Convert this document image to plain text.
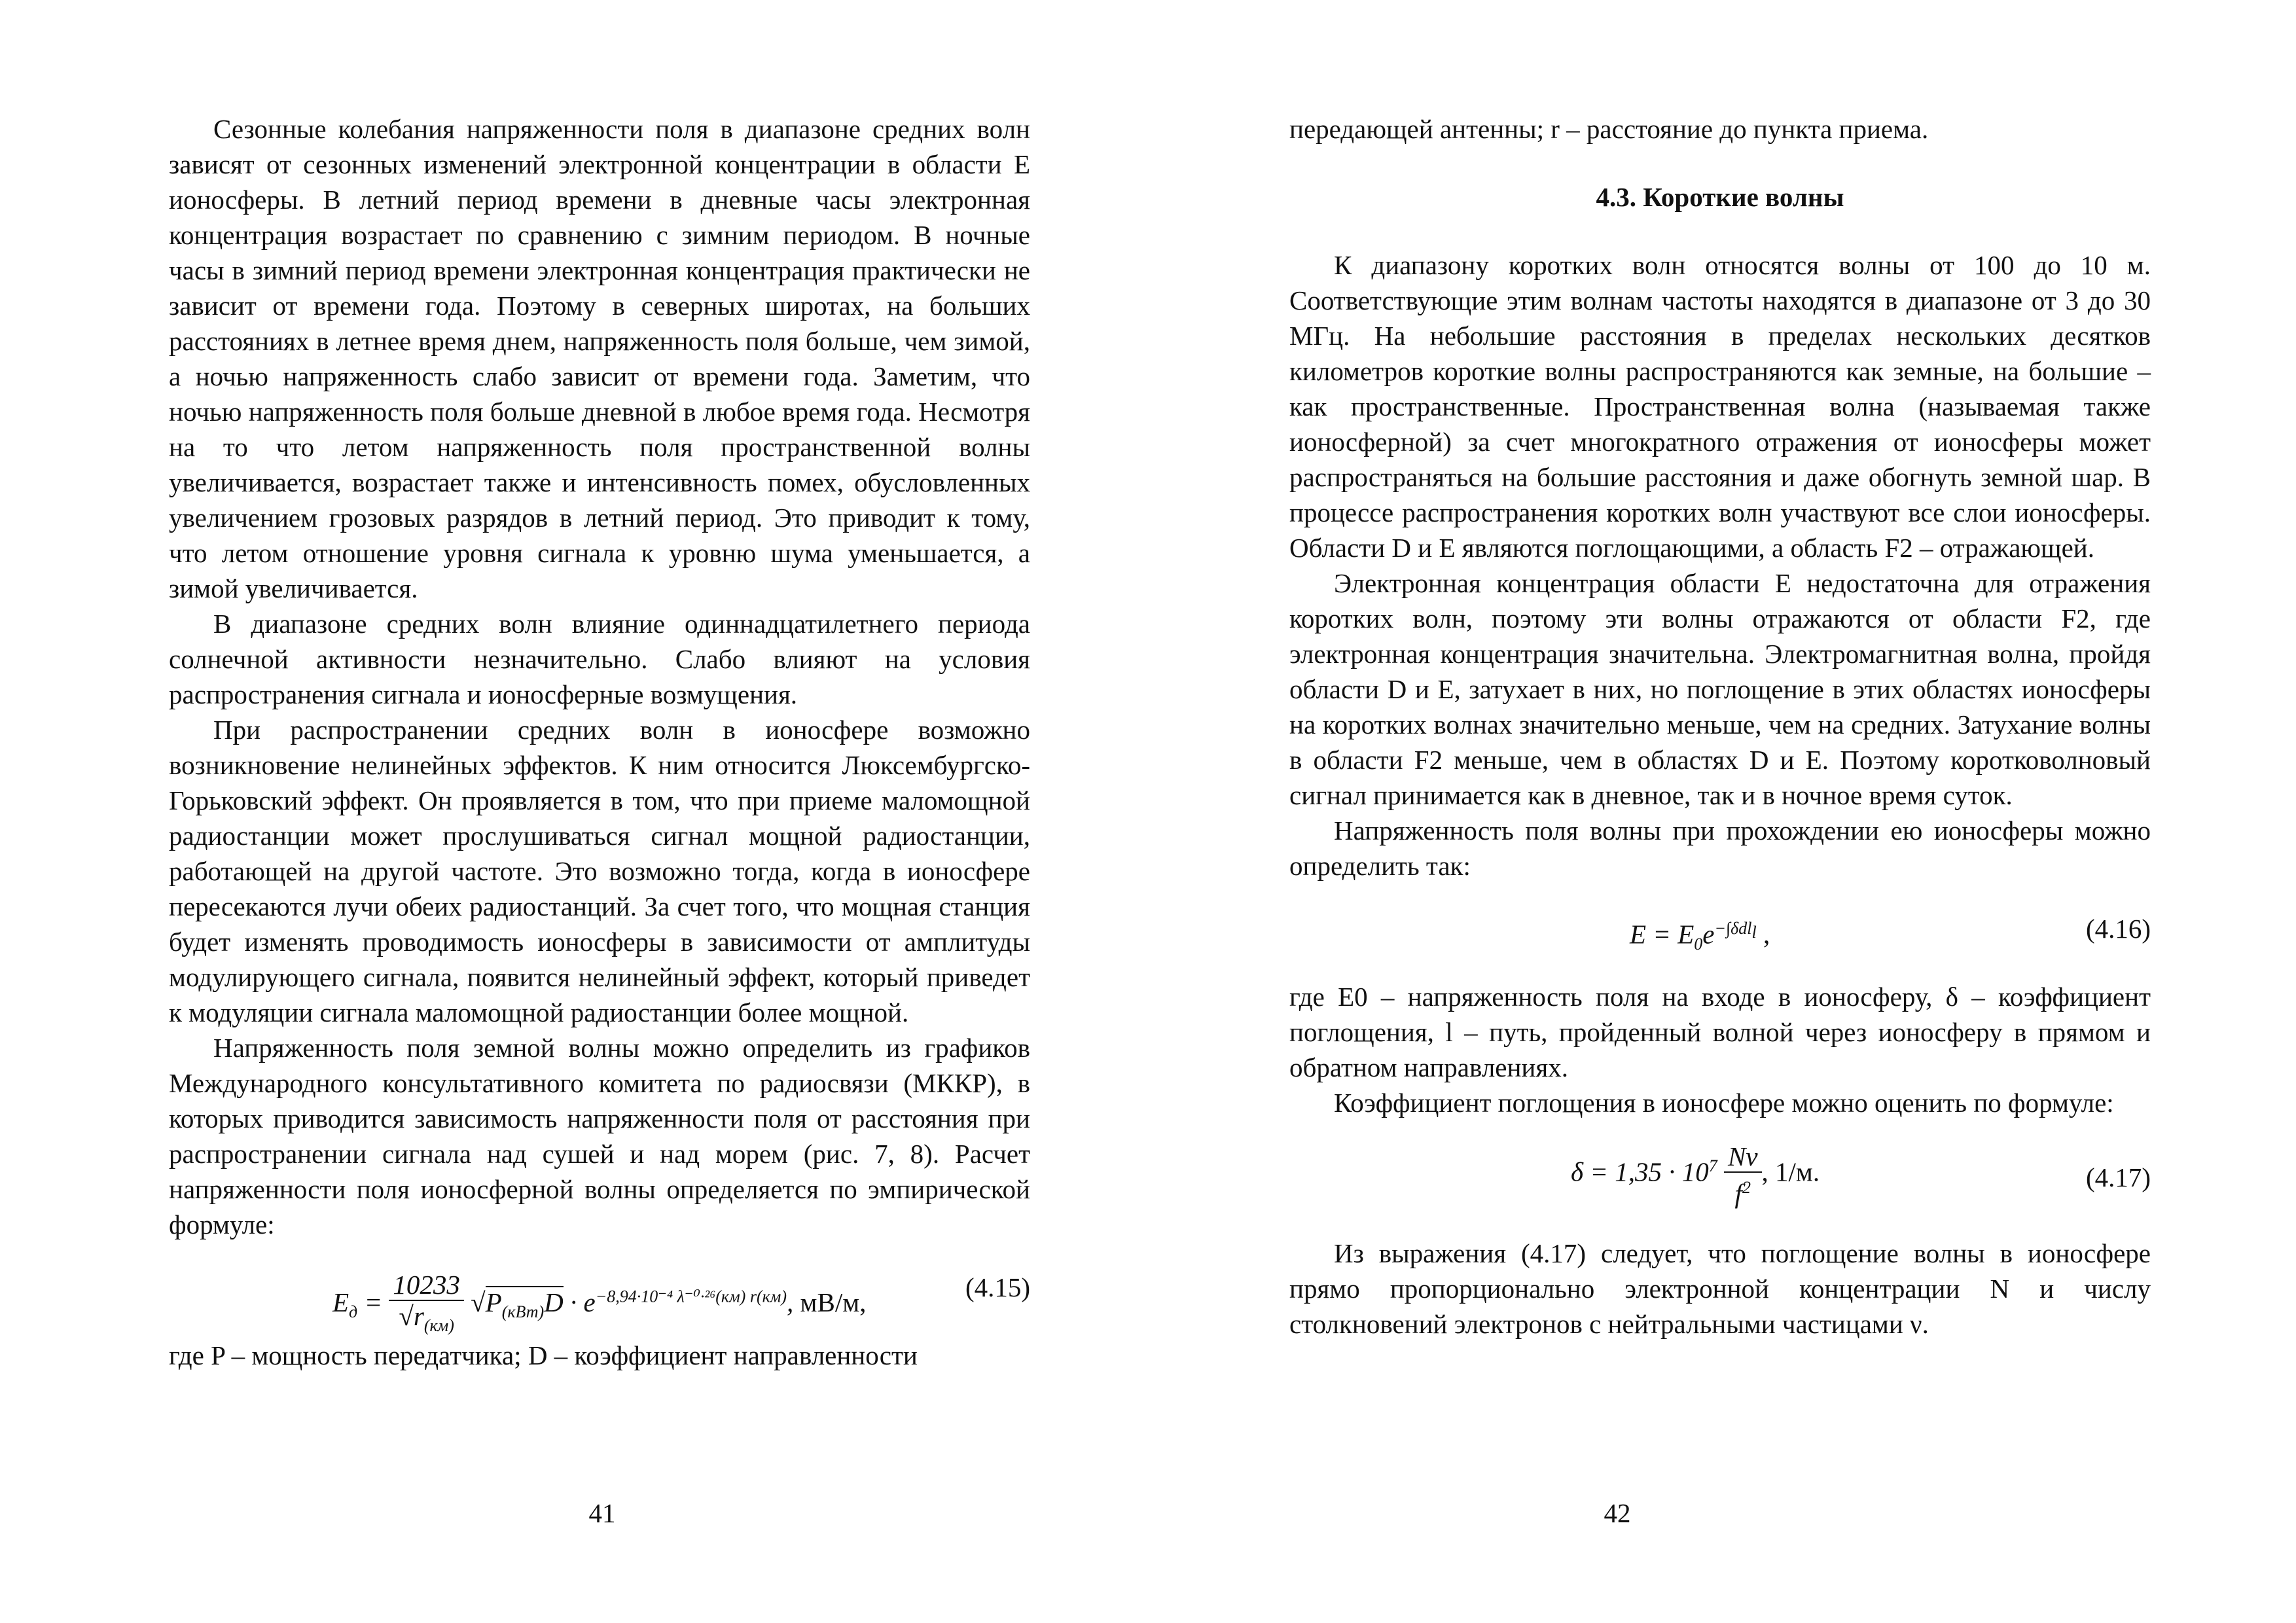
Сезонные колебания напряженности поля в диапазоне средних волн зависят от сезонных изменений электронной концентрации в области E ионосферы. В летний период времени в дневные часы электронная концентрация возрастает по сравнению с зимним периодом. В ночные часы в зимний период времени электронная концентрация практически не зависит от времени года. Поэтому в северных широтах, на больших расстояниях в летнее время днем, напряженность поля больше, чем зимой, а ночью напряженность слабо зависит от времени года. Заметим, что ночью напряженность поля больше дневной в любое время года. Несмотря на то что летом напряженность поля пространственной волны увеличивается, возрастает также и интенсивность помех, обусловленных увеличением грозовых разрядов в летний период. Это приводит к тому, что летом отношение уровня сигнала к уровню шума уменьшается, а зимой увеличивается.

В диапазоне средних волн влияние одиннадцатилетнего периода солнечной активности незначительно. Слабо влияют на условия распространения сигнала и ионосферные возмущения.

При распространении средних волн в ионосфере возможно возникновение нелинейных эффектов. К ним относится Люксембургско-Горьковский эффект. Он проявляется в том, что при приеме маломощной радиостанции может прослушиваться сигнал мощной радиостанции, работающей на другой частоте. Это возможно тогда, когда в ионосфере пересекаются лучи обеих радиостанций. За счет того, что мощная станция будет изменять проводимость ионосферы в зависимости от амплитуды модулирующего сигнала, появится нелинейный эффект, который приведет к модуляции сигнала маломощной радиостанции более мощной.

Напряженность поля земной волны можно определить из графиков Международного консультативного комитета по радиосвязи (МККР), в которых приводится зависимость напряженности поля от расстояния при распространении сигнала над сушей и над морем (рис. 7, 8). Расчет напряженности поля ионосферной волны определяется по эмпирической формуле:

$E_д = \frac{10233}{√r_{(км)}} √P_{(кВт)}D \cdot e^{-8,94\cdot 10^{-4} \lambda^{-0}\cdot^{26}(км) r(км)}$, мВ/м,	(4.15)

где P – мощность передатчика; D – коэффициент направленности

41

передающей антенны; r – расстояние до пункта приема.

4.3. Короткие волны

К диапазону коротких волн относятся волны от 100 до 10 м. Соответствующие этим волнам частоты находятся в диапазоне от 3 до 30 МГц. На небольшие расстояния в пределах нескольких десятков километров короткие волны распространяются как земные, на большие – как пространственные. Пространственная волна (называемая также ионосферной) за счет многократного отражения от ионосферы может распространяться на большие расстояния и даже обогнуть земной шар. В процессе распространения коротких волн участвуют все слои ионосферы. Области D и E являются поглощающими, а область F2 – отражающей.

Электронная концентрация области E недостаточна для отражения коротких волн, поэтому эти волны отражаются от области F2, где электронная концентрация значительна. Электромагнитная волна, пройдя области D и E, затухает в них, но поглощение в этих областях ионосферы на коротких волнах значительно меньше, чем на средних. Затухание волны в области F2 меньше, чем в областях D и E. Поэтому коротковолновый сигнал принимается как в дневное, так и в ночное время суток.

Напряженность поля волны при прохождении ею ионосферы можно определить так:

$E = E_0e^{-\int\delta dl_l}$ ,	(4.16)

где E0 – напряженность поля на входе в ионосферу, δ – коэффициент поглощения, l – путь, пройденный волной через ионосферу в прямом и обратном направлениях.

Коэффициент поглощения в ионосфере можно оценить по формуле:

$\delta = 1,35 \cdot 10^7 \frac{N\nu}{f^2}$ , 1/м.	(4.17)

Из выражения (4.17) следует, что поглощение волны в ионосфере прямо пропорционально электронной концентрации N и числу столкновений электронов с нейтральными частицами ν.

42
